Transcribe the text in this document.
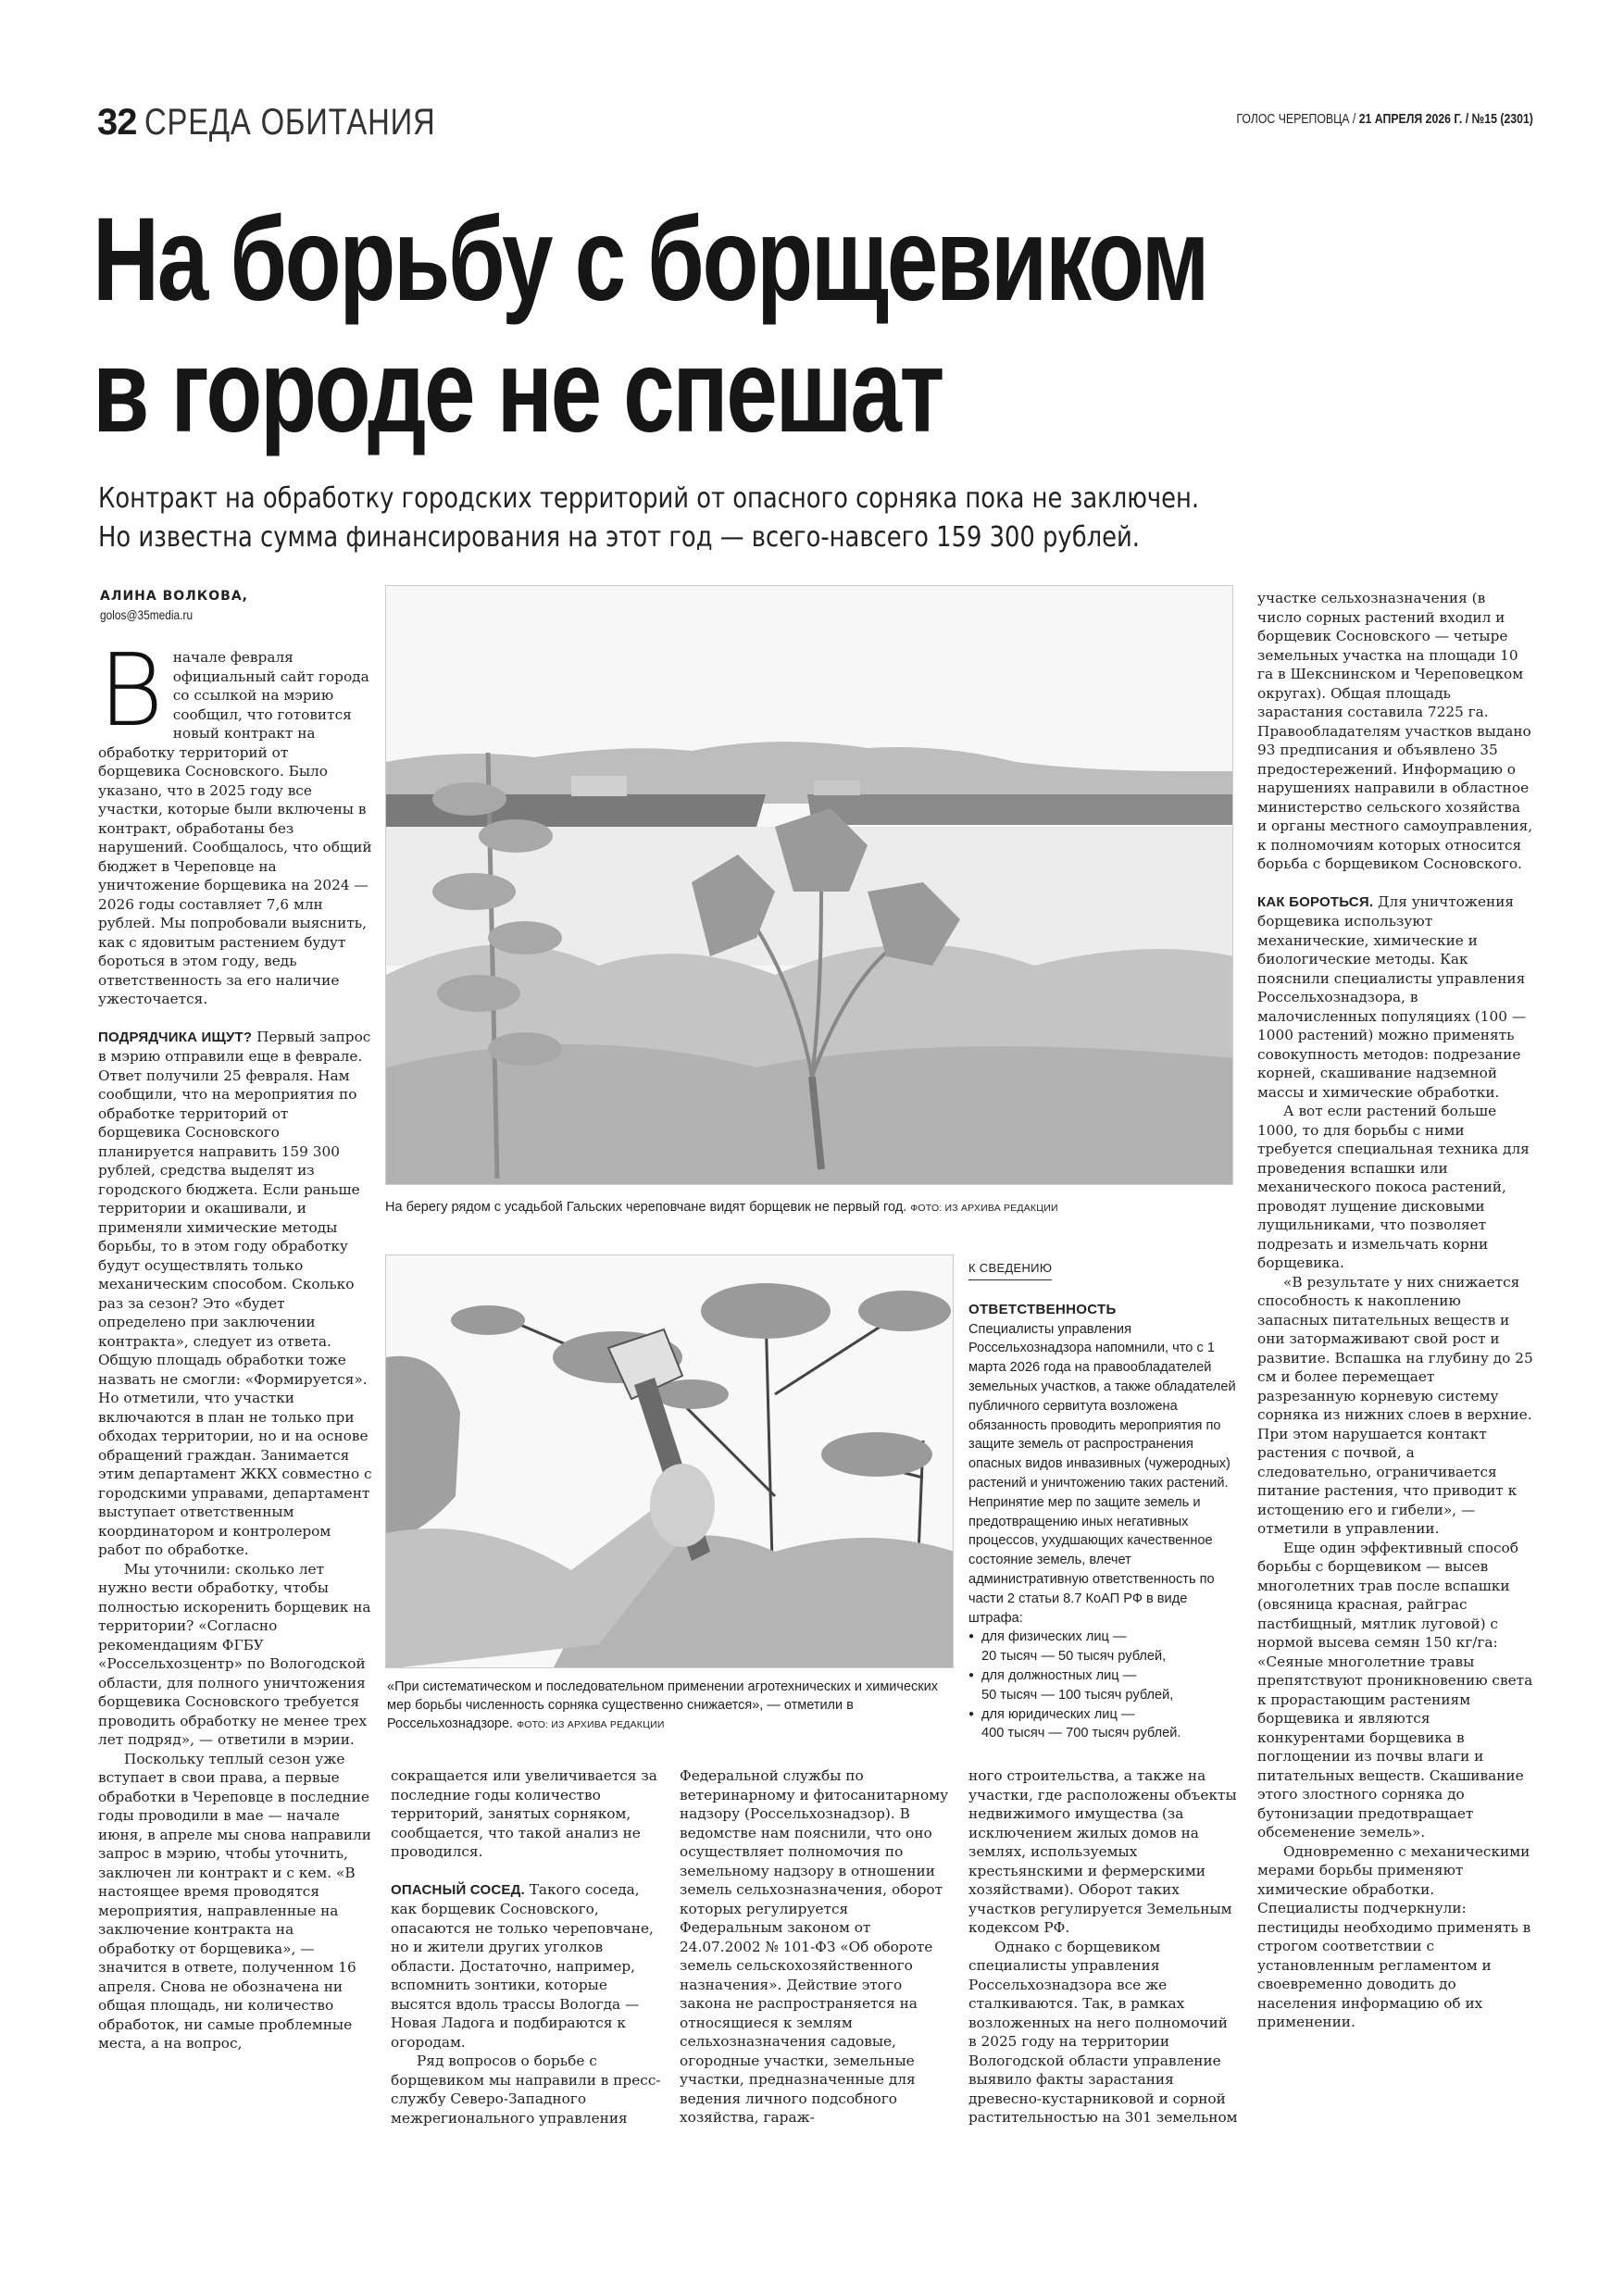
32 СРЕДА ОБИТАНИЯ	ГОЛОС ЧЕРЕПОВЦА / 21 АПРЕЛЯ 2026 Г. / №15 (2301)
На борьбу с борщевиком
в городе не спешат
Контракт на обработку городских территорий от опасного сорняка пока не заключен.
Но известна сумма финансирования на этот год — всего-навсего 159 300 рублей.
АЛИНА ВОЛКОВА,
golos@35media.ru

В начале февраля официальный сайт города со ссылкой на мэрию сообщил, что готовится новый контракт на обработку территорий от борщевика Сосновского. Было указано, что в 2025 году все участки, которые были включены в контракт, обработаны без нарушений. Сообщалось, что общий бюджет в Череповце на уничтожение борщевика на 2024 — 2026 годы составляет 7,6 млн рублей. Мы попробовали выяснить, как с ядовитым растением будут бороться в этом году, ведь ответственность за его наличие ужесточается.

ПОДРЯДЧИКА ИЩУТ? Первый запрос в мэрию отправили еще в феврале. Ответ получили 25 февраля. Нам сообщили, что на мероприятия по обработке территорий от борщевика Сосновского планируется направить 159 300 рублей, средства выделят из городского бюджета. Если раньше территории и окашивали, и применяли химические методы борьбы, то в этом году обработку будут осуществлять только механическим способом. Сколько раз за сезон? Это «будет определено при заключении контракта», следует из ответа. Общую площадь обработки тоже назвать не смогли: «Формируется». Но отметили, что участки включаются в план не только при обходах территории, но и на основе обращений граждан. Занимается этим департамент ЖКХ совместно с городскими управами, департамент выступает ответственным координатором и контролером работ по обработке.

Мы уточнили: сколько лет нужно вести обработку, чтобы полностью искоренить борщевик на территории? «Согласно рекомендациям ФГБУ «Россельхозцентр» по Вологодской области, для полного уничтожения борщевика Сосновского требуется проводить обработку не менее трех лет подряд», — ответили в мэрии.

Поскольку теплый сезон уже вступает в свои права, а первые обработки в Череповце в последние годы проводили в мае — начале июня, в апреле мы снова направили запрос в мэрию, чтобы уточнить, заключен ли контракт и с кем. «В настоящее время проводятся мероприятия, направленные на заключение контракта на обработку от борщевика», — значится в ответе, полученном 16 апреля. Снова не обозначена ни общая площадь, ни количество обработок, ни самые проблемные места, а на вопрос,

На берегу рядом с усадьбой Гальских череповчане видят борщевик не первый год. ФОТО: ИЗ АРХИВА РЕДАКЦИИ
«При систематическом и последовательном применении агротехнических и химических мер борьбы численность сорняка существенно снижается», — отметили в Россельхознадзоре. ФОТО: ИЗ АРХИВА РЕДАКЦИИ
К СВЕДЕНИЮ
ОТВЕТСТВЕННОСТЬ

Специалисты управления Россельхознадзора напомнили, что с 1 марта 2026 года на правообладателей земельных участков, а также обладателей публичного сервитута возложена обязанность проводить мероприятия по защите земель от распространения опасных видов инвазивных (чужеродных) растений и уничтожению таких растений.

Непринятие мер по защите земель и предотвращению иных негативных процессов, ухудшающих качественное состояние земель, влечет административную ответственность по части 2 статьи 8.7 КоАП РФ в виде штрафа:

● для физических лиц —
20 тысяч — 50 тысяч рублей,
● для должностных лиц —
50 тысяч — 100 тысяч рублей,
● для юридических лиц —
400 тысяч — 700 тысяч рублей.

сокращается или увеличивается за последние годы количество территорий, занятых сорняком, сообщается, что такой анализ не проводился.

ОПАСНЫЙ СОСЕД. Такого соседа, как борщевик Сосновского, опасаются не только череповчане, но и жители других уголков области. Достаточно, например, вспомнить зонтики, которые высятся вдоль трассы Вологда — Новая Ладога и подбираются к огородам.

Ряд вопросов о борьбе с борщевиком мы направили в пресс-службу Северо-Западного межрегионального управления

Федеральной службы по ветеринарному и фитосанитарному надзору (Россельхознадзор). В ведомстве нам пояснили, что оно осуществляет полномочия по земельному надзору в отношении земель сельхозназначения, оборот которых регулируется Федеральным законом от 24.07.2002 № 101-ФЗ «Об обороте земель сельскохозяйственного назначения». Действие этого закона не распространяется на относящиеся к землям сельхозназначения садовые, огородные участки, земельные участки, предназначенные для ведения личного подсобного хозяйства, гараж-

ного строительства, а также на участки, где расположены объекты недвижимого имущества (за исключением жилых домов на землях, используемых крестьянскими и фермерскими хозяйствами). Оборот таких участков регулируется Земельным кодексом РФ.

Однако с борщевиком специалисты управления Россельхознадзора все же сталкиваются. Так, в рамках возложенных на него полномочий в 2025 году на территории Вологодской области управление выявило факты зарастания древесно-кустарниковой и сорной растительностью на 301 земельном

участке сельхозназначения (в число сорных растений входил и борщевик Сосновского — четыре земельных участка на площади 10 га в Шекснинском и Череповецком округах). Общая площадь зарастания составила 7225 га. Правообладателям участков выдано 93 предписания и объявлено 35 предостережений. Информацию о нарушениях направили в областное министерство сельского хозяйства и органы местного самоуправления, к полномочиям которых относится борьба с борщевиком Сосновского.

КАК БОРОТЬСЯ. Для уничтожения борщевика используют механические, химические и биологические методы. Как пояснили специалисты управления Россельхознадзора, в малочисленных популяциях (100 — 1000 растений) можно применять совокупность методов: подрезание корней, скашивание надземной массы и химические обработки.

А вот если растений больше 1000, то для борьбы с ними требуется специальная техника для проведения вспашки или механического покоса растений, проводят лущение дисковыми лущильниками, что позволяет подрезать и измельчать корни борщевика.

«В результате у них снижается способность к накоплению запасных питательных веществ и они затормаживают свой рост и развитие. Вспашка на глубину до 25 см и более перемещает разрезанную корневую систему сорняка из нижних слоев в верхние. При этом нарушается контакт растения с почвой, а следовательно, ограничивается питание растения, что приводит к истощению его и гибели», — отметили в управлении.

Еще один эффективный способ борьбы с борщевиком — высев многолетних трав после вспашки (овсяница красная, райграс пастбищный, мятлик луговой) с нормой высева семян 150 кг/га: «Сеяные многолетние травы препятствуют проникновению света к прорастающим растениям борщевика и являются конкурентами борщевика в поглощении из почвы влаги и питательных веществ. Скашивание этого злостного сорняка до бутонизации предотвращает обсеменение земель».

Одновременно с механическими мерами борьбы применяют химические обработки. Специалисты подчеркнули: пестициды необходимо применять в строгом соответствии с установленным регламентом и своевременно доводить до населения информацию об их применении.
